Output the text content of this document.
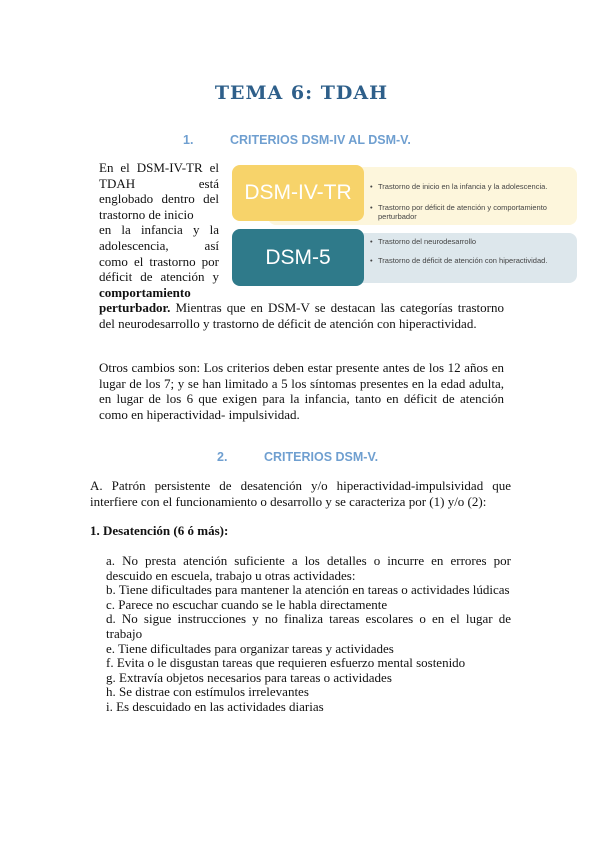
TEMA 6: TDAH
1.	CRITERIOS DSM-IV AL DSM-V.
En el DSM-IV-TR el
TDAH          está
englobado dentro del
trastorno de inicio
en la infancia y la
adolescencia,     así
como el trastorno por
déficit de atención y
comportamiento
DSM-IV-TR
DSM-5
• Trastorno de inicio en la infancia y la adolescencia.
• Trastorno por déficit de atención y comportamiento perturbador
• Trastorno del neurodesarrollo
• Trastorno de déficit de atención con hiperactividad.
perturbador. Mientras que en DSM-V se destacan las categorías trastorno del neurodesarrollo y trastorno de déficit de atención con hiperactividad.
Otros cambios son: Los criterios deben estar presente antes de los 12 años en lugar de los 7; y se han limitado a 5 los síntomas presentes en la edad adulta, en lugar de los 6 que exigen para la infancia, tanto en déficit de atención como en hiperactividad- impulsividad.
2.	CRITERIOS DSM-V.
A. Patrón persistente de desatención y/o hiperactividad-impulsividad que interfiere con el funcionamiento o desarrollo y se caracteriza por (1) y/o (2):
1. Desatención (6 ó más):
a. No presta atención suficiente a los detalles o incurre en errores por descuido en escuela, trabajo u otras actividades:
b. Tiene dificultades para mantener la atención en tareas o actividades lúdicas
c. Parece no escuchar cuando se le habla directamente
d. No sigue instrucciones y no finaliza tareas escolares o en el lugar de trabajo
e. Tiene dificultades para organizar tareas y actividades
f. Evita o le disgustan tareas que requieren esfuerzo mental sostenido
g. Extravía objetos necesarios para tareas o actividades
h. Se distrae con estímulos irrelevantes
i. Es descuidado en las actividades diarias
